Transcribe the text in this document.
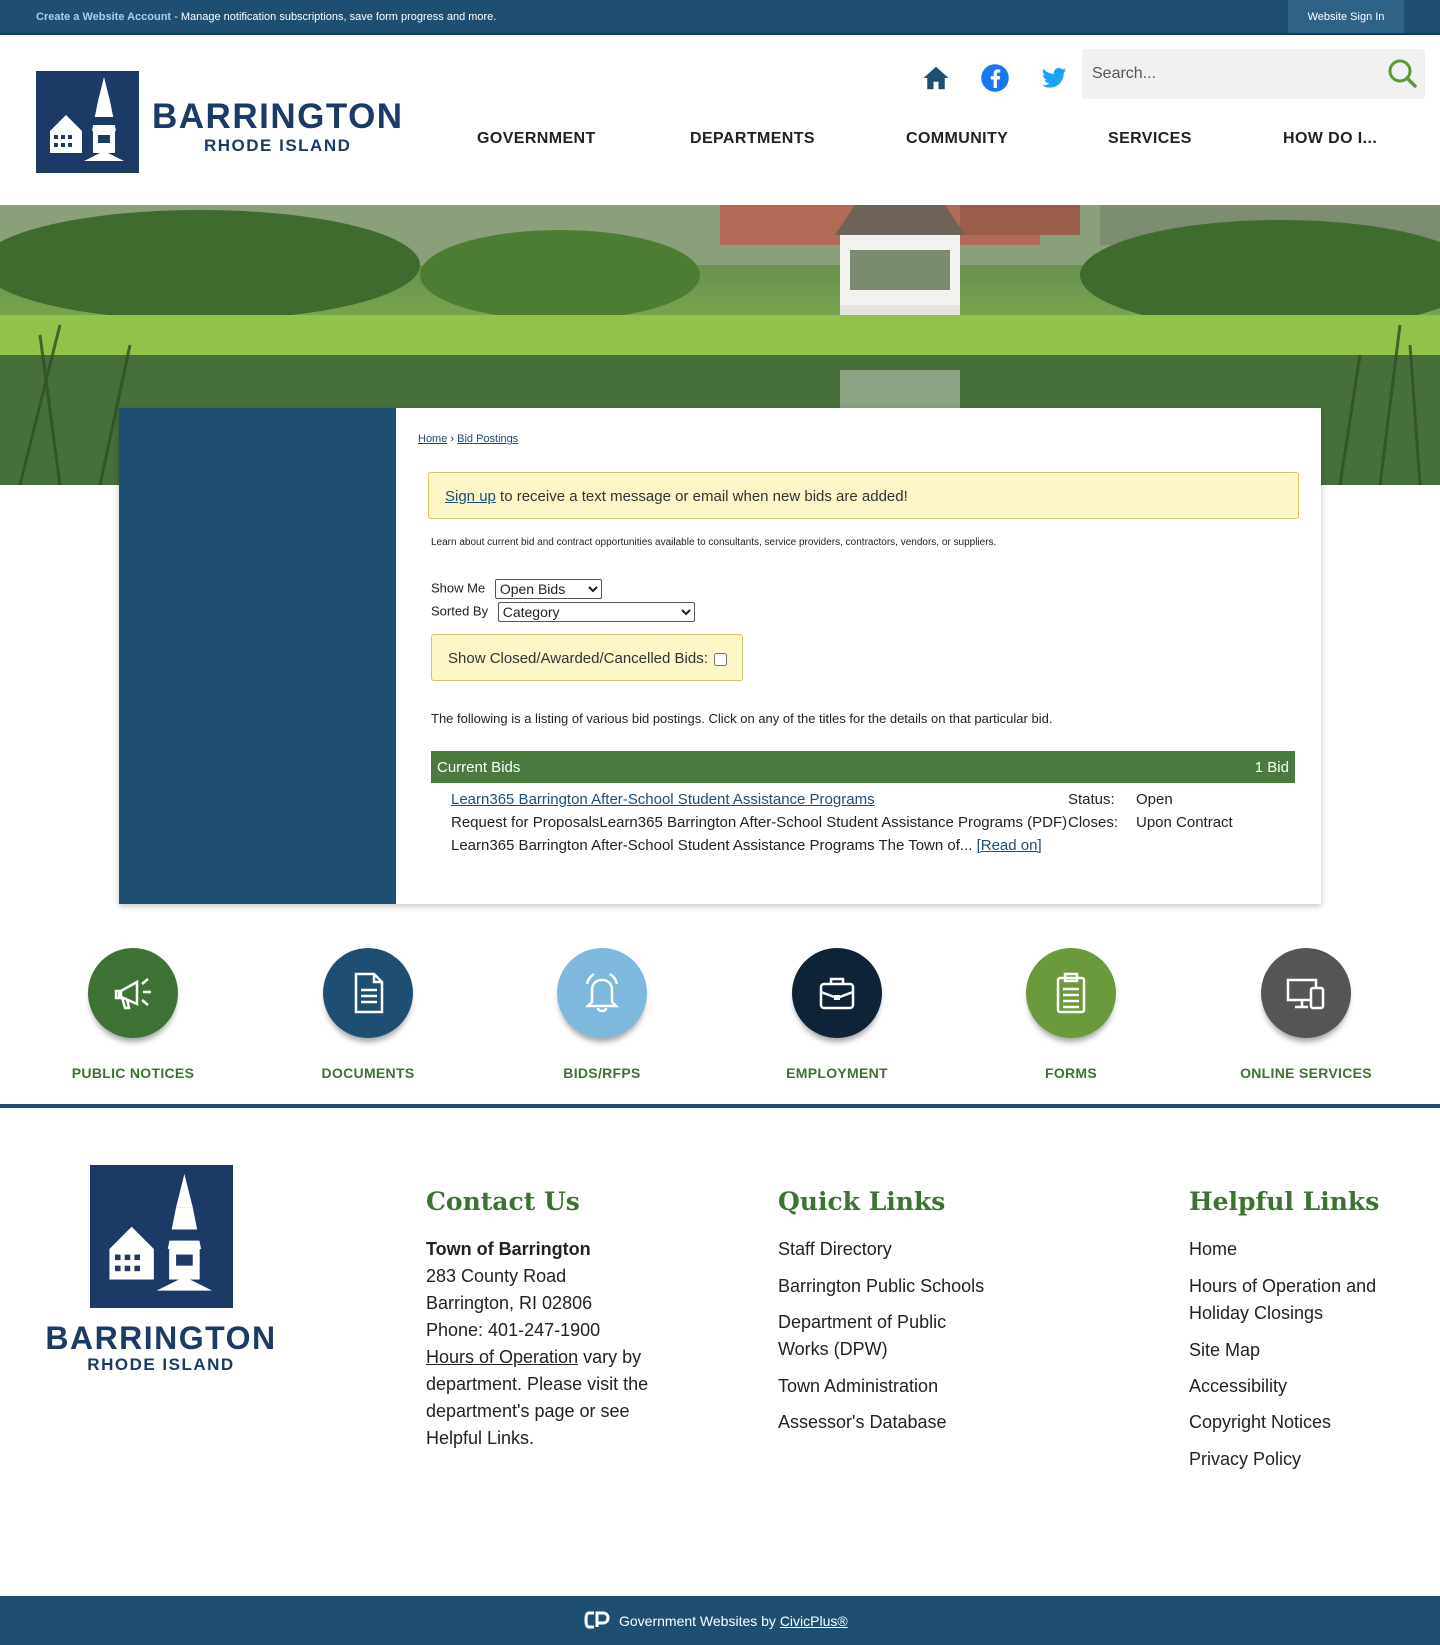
Create a Website Account - Manage notification subscriptions, save form progress and more.	Website Sign In
BARRINGTON
RHODE ISLAND
Search...	GOVERNMENT	DEPARTMENTS	COMMUNITY	SERVICES	HOW DO I...
Home › Bid Postings
Sign up to receive a text message or email when new bids are added!
Learn about current bid and contract opportunities available to consultants, service providers, contractors, vendors, or suppliers.
Show Me
Open Bids
Sorted By
Category
Show Closed/Awarded/Cancelled Bids:
The following is a listing of various bid postings. Click on any of the titles for the details on that particular bid.
Current Bids	1 Bid
Learn365 Barrington After-School Student Assistance Programs
Request for ProposalsLearn365 Barrington After-School Student Assistance Programs (PDF)
Learn365 Barrington After-School Student Assistance Programs The Town of... [Read on]
Status: Open
Closes: Upon Contract
PUBLIC NOTICES	DOCUMENTS	BIDS/RFPS	EMPLOYMENT	FORMS	ONLINE SERVICES
BARRINGTON
RHODE ISLAND
Contact Us
Town of Barrington
283 County Road
Barrington, RI 02806
Phone: 401-247-1900
Hours of Operation vary by department. Please visit the department's page or see Helpful Links.
Quick Links
Staff Directory
Barrington Public Schools
Department of Public Works (DPW)
Town Administration
Assessor's Database
Helpful Links
Home
Hours of Operation and Holiday Closings
Site Map
Accessibility
Copyright Notices
Privacy Policy
Government Websites by CivicPlus®
